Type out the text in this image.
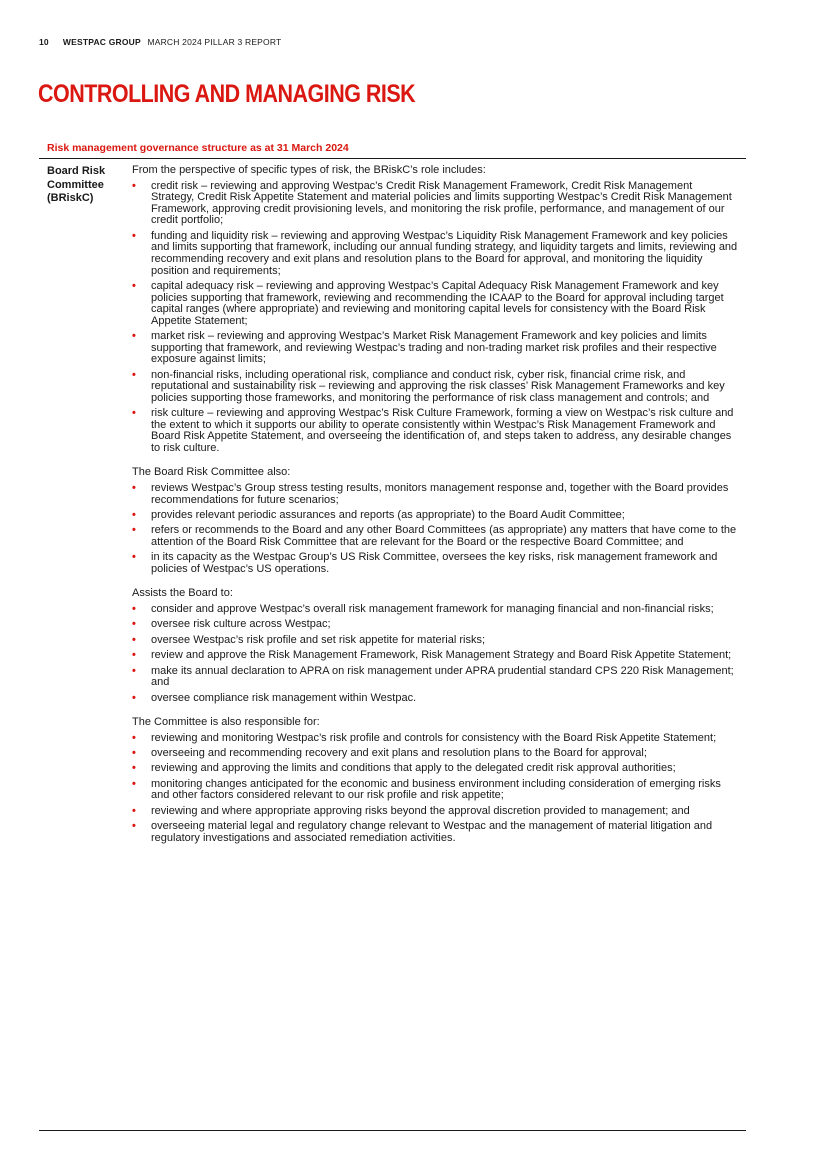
10 WESTPAC GROUP MARCH 2024 PILLAR 3 REPORT
CONTROLLING AND MANAGING RISK
Risk management governance structure as at 31 March 2024
Board Risk Committee (BRiskC)

From the perspective of specific types of risk, the BRiskC’s role includes:

• credit risk – reviewing and approving Westpac’s Credit Risk Management Framework, Credit Risk Management Strategy, Credit Risk Appetite Statement and material policies and limits supporting Westpac’s Credit Risk Management Framework, approving credit provisioning levels, and monitoring the risk profile, performance, and management of our credit portfolio;
• funding and liquidity risk – reviewing and approving Westpac’s Liquidity Risk Management Framework and key policies and limits supporting that framework, including our annual funding strategy, and liquidity targets and limits, reviewing and recommending recovery and exit plans and resolution plans to the Board for approval, and monitoring the liquidity position and requirements;
• capital adequacy risk – reviewing and approving Westpac’s Capital Adequacy Risk Management Framework and key policies supporting that framework, reviewing and recommending the ICAAP to the Board for approval including target capital ranges (where appropriate) and reviewing and monitoring capital levels for consistency with the Board Risk Appetite Statement;
• market risk – reviewing and approving Westpac’s Market Risk Management Framework and key policies and limits supporting that framework, and reviewing Westpac’s trading and non-trading market risk profiles and their respective exposure against limits;
• non-financial risks, including operational risk, compliance and conduct risk, cyber risk, financial crime risk, and reputational and sustainability risk – reviewing and approving the risk classes’ Risk Management Frameworks and key policies supporting those frameworks, and monitoring the performance of risk class management and controls; and
• risk culture – reviewing and approving Westpac’s Risk Culture Framework, forming a view on Westpac’s risk culture and the extent to which it supports our ability to operate consistently within Westpac’s Risk Management Framework and Board Risk Appetite Statement, and overseeing the identification of, and steps taken to address, any desirable changes to risk culture.

The Board Risk Committee also:

• reviews Westpac’s Group stress testing results, monitors management response and, together with the Board provides recommendations for future scenarios;
• provides relevant periodic assurances and reports (as appropriate) to the Board Audit Committee;
• refers or recommends to the Board and any other Board Committees (as appropriate) any matters that have come to the attention of the Board Risk Committee that are relevant for the Board or the respective Board Committee; and
• in its capacity as the Westpac Group’s US Risk Committee, oversees the key risks, risk management framework and policies of Westpac’s US operations.

Assists the Board to:

• consider and approve Westpac’s overall risk management framework for managing financial and non-financial risks;
• oversee risk culture across Westpac;
• oversee Westpac’s risk profile and set risk appetite for material risks;
• review and approve the Risk Management Framework, Risk Management Strategy and Board Risk Appetite Statement;
• make its annual declaration to APRA on risk management under APRA prudential standard CPS 220 Risk Management; and
• oversee compliance risk management within Westpac.

The Committee is also responsible for:

• reviewing and monitoring Westpac’s risk profile and controls for consistency with the Board Risk Appetite Statement;
• overseeing and recommending recovery and exit plans and resolution plans to the Board for approval;
• reviewing and approving the limits and conditions that apply to the delegated credit risk approval authorities;
• monitoring changes anticipated for the economic and business environment including consideration of emerging risks and other factors considered relevant to our risk profile and risk appetite;
• reviewing and where appropriate approving risks beyond the approval discretion provided to management; and
• overseeing material legal and regulatory change relevant to Westpac and the management of material litigation and regulatory investigations and associated remediation activities.
